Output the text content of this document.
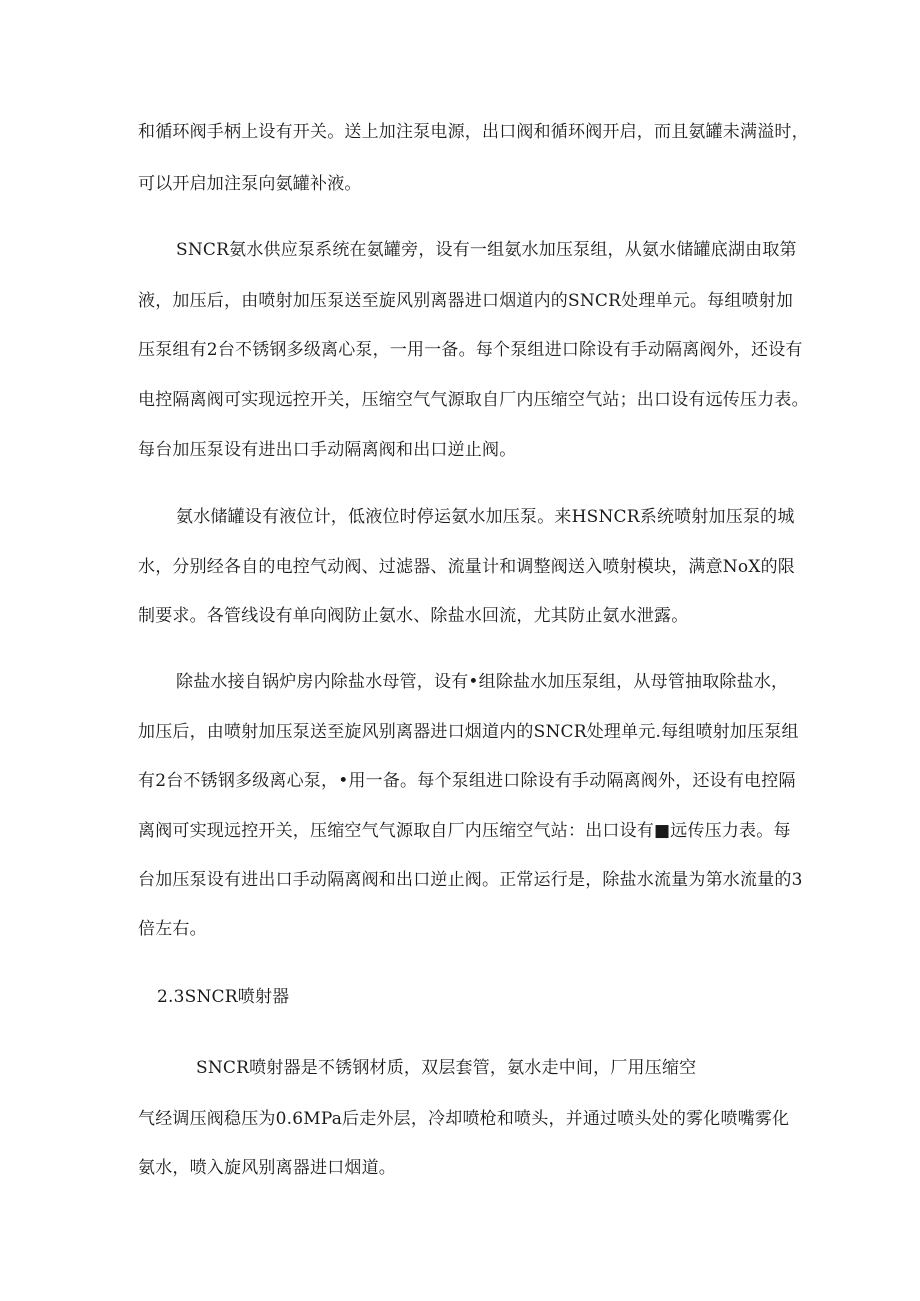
和循环阀手柄上设有开关。送上加注泵电源，出口阀和循环阀开启，而且氨罐未满溢时，
可以开启加注泵向氨罐补液。
SNCR氨水供应泵系统在氨罐旁，设有一组氨水加压泵组，从氨水储罐底湖由取第
液，加压后，由喷射加压泵送至旋风别离器进口烟道内的SNCR处理单元。每组喷射加
压泵组有2台不锈钢多级离心泵，一用一备。每个泵组进口除设有手动隔离阀外，还设有
电控隔离阀可实现远控开关，压缩空气气源取自厂内压缩空气站；出口设有远传压力表。
每台加压泵设有进出口手动隔离阀和出口逆止阀。
氨水储罐设有液位计，低液位时停运氨水加压泵。来HSNCR系统喷射加压泵的城
水，分别经各自的电控气动阀、过滤器、流量计和调整阀送入喷射模块，满意NoX的限
制要求。各管线设有单向阀防止氨水、除盐水回流，尤其防止氨水泄露。
除盐水接自锅炉房内除盐水母管，设有•组除盐水加压泵组，从母管抽取除盐水，
加压后，由喷射加压泵送至旋风别离器进口烟道内的SNCR处理单元.每组喷射加压泵组
有2台不锈钢多级离心泵，•用一备。每个泵组进口除设有手动隔离阀外，还设有电控隔
离阀可实现远控开关，压缩空气气源取自厂内压缩空气站：出口设有■远传压力表。每
台加压泵设有进出口手动隔离阀和出口逆止阀。正常运行是，除盐水流量为第水流量的3
倍左右。
2.3SNCR喷射器
SNCR喷射器是不锈钢材质，双层套管，氨水走中间，厂用压缩空
气经调压阀稳压为0.6MPa后走外层，冷却喷枪和喷头，并通过喷头处的雾化喷嘴雾化
氨水，喷入旋风别离器进口烟道。
